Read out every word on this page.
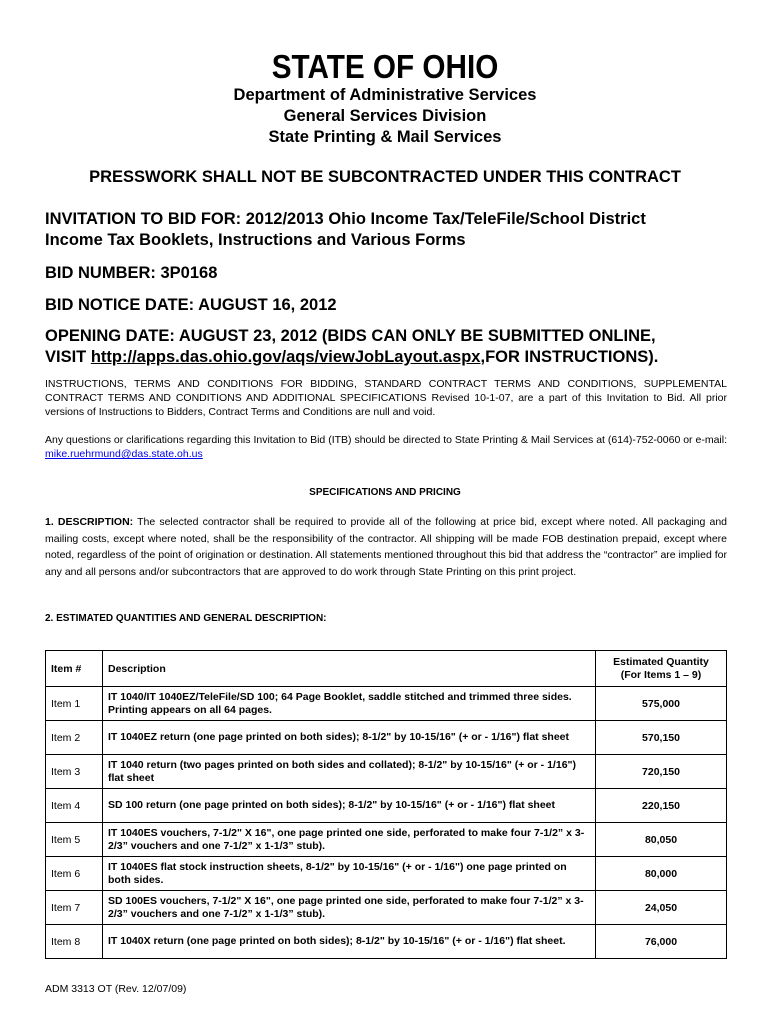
STATE OF OHIO
Department of Administrative Services
General Services Division
State Printing & Mail Services
PRESSWORK SHALL NOT BE SUBCONTRACTED UNDER THIS CONTRACT
INVITATION TO BID FOR: 2012/2013 Ohio Income Tax/TeleFile/School District
Income Tax Booklets, Instructions and Various Forms
BID NUMBER: 3P0168
BID NOTICE DATE: AUGUST 16, 2012
OPENING DATE: AUGUST 23, 2012 (BIDS CAN ONLY BE SUBMITTED ONLINE,
VISIT http://apps.das.ohio.gov/aqs/viewJobLayout.aspx,FOR INSTRUCTIONS).
INSTRUCTIONS, TERMS AND CONDITIONS FOR BIDDING, STANDARD CONTRACT TERMS AND CONDITIONS, SUPPLEMENTAL CONTRACT TERMS AND CONDITIONS AND ADDITIONAL SPECIFICATIONS Revised 10-1-07, are a part of this Invitation to Bid. All prior versions of Instructions to Bidders, Contract Terms and Conditions are null and void.
Any questions or clarifications regarding this Invitation to Bid (ITB) should be directed to State Printing & Mail Services at (614)-752-0060 or e-mail: mike.ruehrmund@das.state.oh.us
SPECIFICATIONS AND PRICING
1. DESCRIPTION: The selected contractor shall be required to provide all of the following at price bid, except where noted. All packaging and mailing costs, except where noted, shall be the responsibility of the contractor. All shipping will be made FOB destination prepaid, except where noted, regardless of the point of origination or destination. All statements mentioned throughout this bid that address the “contractor” are implied for any and all persons and/or subcontractors that are approved to do work through State Printing on this print project.
2. ESTIMATED QUANTITIES AND GENERAL DESCRIPTION:
Item #	Description	Estimated Quantity
(For Items 1 – 9)

Item 1	IT 1040/IT 1040EZ/TeleFile/SD 100; 64 Page Booklet, saddle stitched and trimmed three sides. Printing appears on all 64 pages.	575,000
Item 2	IT 1040EZ return (one page printed on both sides); 8-1/2" by 10-15/16" (+ or - 1/16") flat sheet	570,150
Item 3	IT 1040 return (two pages printed on both sides and collated); 8-1/2" by 10-15/16" (+ or - 1/16") flat sheet	720,150
Item 4	SD 100 return (one page printed on both sides); 8-1/2" by 10-15/16" (+ or - 1/16") flat sheet	220,150
Item 5	IT 1040ES vouchers, 7-1/2" X 16", one page printed one side, perforated to make four 7-1/2” x 3-2/3” vouchers and one 7-1/2” x 1-1/3” stub).	80,050
Item 6	IT 1040ES flat stock instruction sheets, 8-1/2" by 10-15/16" (+ or - 1/16") one page printed on both sides.	80,000
Item 7	SD 100ES vouchers, 7-1/2" X 16", one page printed one side, perforated to make four 7-1/2” x 3-2/3” vouchers and one 7-1/2” x 1-1/3” stub).	24,050
Item 8	IT 1040X return (one page printed on both sides); 8-1/2" by 10-15/16" (+ or - 1/16") flat sheet.	76,000
ADM 3313 OT (Rev. 12/07/09)
